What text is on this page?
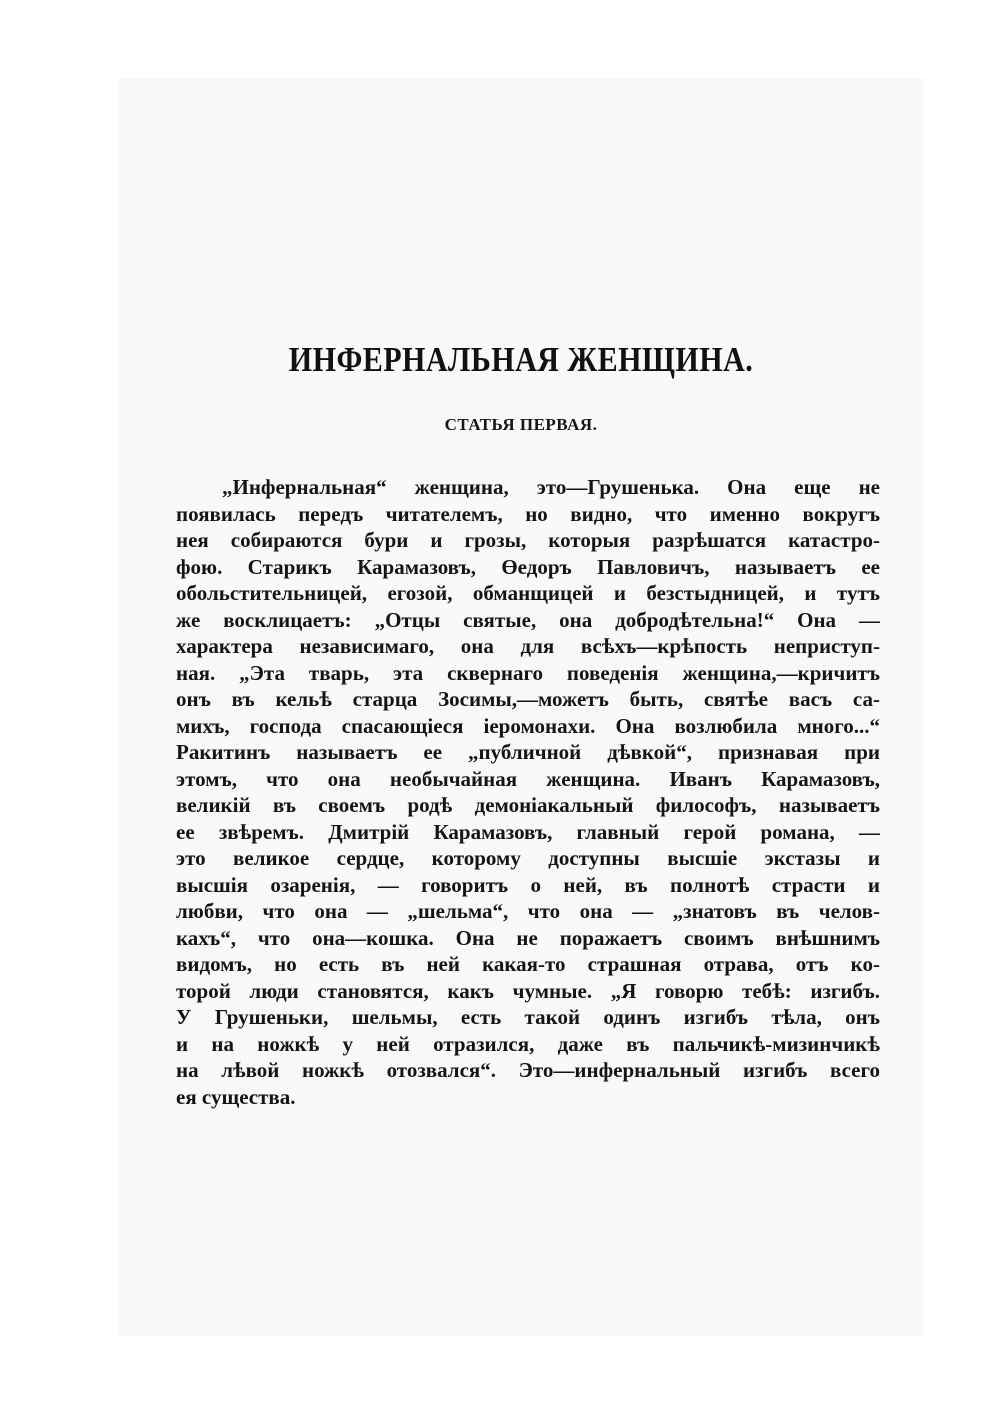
ИНФЕРНАЛЬНАЯ ЖЕНЩИНА.
СТАТЬЯ ПЕРВАЯ.
„Инфернальная“ женщина, это—Грушенька. Она еще не
появилась передъ читателемъ, но видно, что именно вокругъ
нея собираются бури и грозы, которыя разрѣшатся катастро-
фою. Старикъ Карамазовъ, Өедоръ Павловичъ, называетъ ее
обольстительницей, егозой, обманщицей и безстыдницей, и тутъ
же восклицаетъ: „Отцы святые, она добродѣтельна!“ Она —
характера независимаго, она для всѣхъ—крѣпость неприступ-
ная. „Эта тварь, эта сквернаго поведенія женщина,—кричитъ
онъ въ кельѣ старца Зосимы,—можетъ быть, святѣе васъ са-
михъ, господа спасающіеся іеромонахи. Она возлюбила много...“
Ракитинъ называетъ ее „публичной дѣвкой“, признавая при
этомъ, что она необычайная женщина. Иванъ Карамазовъ,
великій въ своемъ родѣ демоніакальный философъ, называетъ
ее звѣремъ. Дмитрій Карамазовъ, главный герой романа, —
это великое сердце, которому доступны высшіе экстазы и
высшія озаренія, — говоритъ о ней, въ полнотѣ страсти и
любви, что она — „шельма“, что она — „знатовъ въ челов-
кахъ“, что она—кошка. Она не поражаетъ своимъ внѣшнимъ
видомъ, но есть въ ней какая-то страшная отрава, отъ ко-
торой люди становятся, какъ чумные. „Я говорю тебѣ: изгибъ.
У Грушеньки, шельмы, есть такой одинъ изгибъ тѣла, онъ
и на ножкѣ у ней отразился, даже въ пальчикѣ-мизинчикѣ
на лѣвой ножкѣ отозвался“. Это—инфернальный изгибъ всего
ея существа.
